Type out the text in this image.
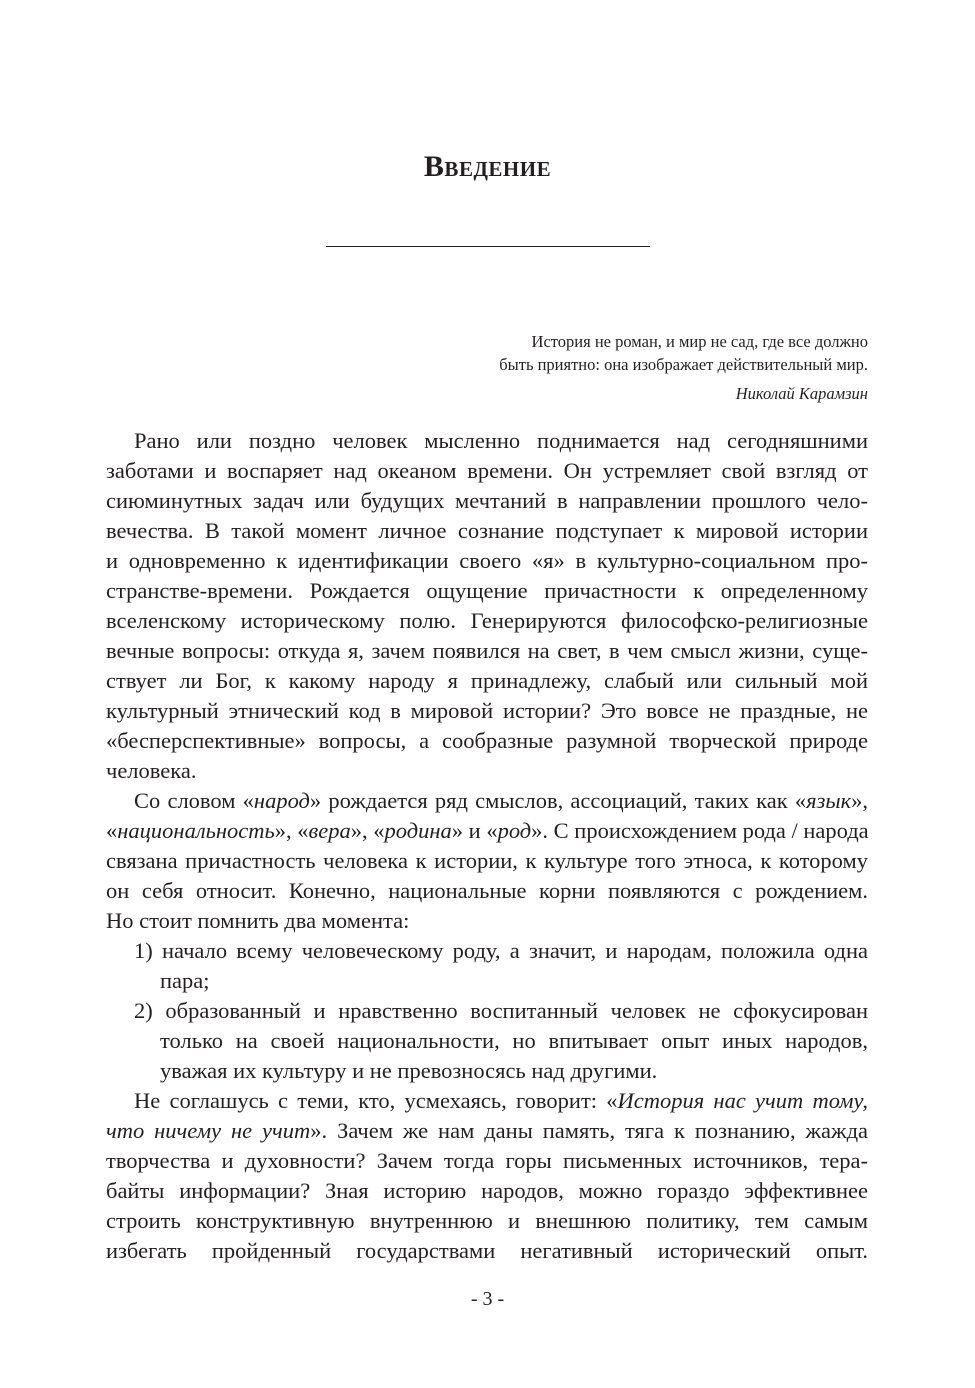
Введение
История не роман, и мир не сад, где все должно
быть приятно: она изображает действительный мир.
Николай Карамзин
Рано или поздно человек мысленно поднимается над сегодняшними
заботами и воспаряет над океаном времени. Он устремляет свой взгляд от
сиюминутных задач или будущих мечтаний в направлении прошлого чело-
вечества. В такой момент личное сознание подступает к мировой истории
и одновременно к идентификации своего «я» в культурно-социальном про-
странстве-времени. Рождается ощущение причастности к определенному
вселенскому историческому полю. Генерируются философско-религиозные
вечные вопросы: откуда я, зачем появился на свет, в чем смысл жизни, суще-
ствует ли Бог, к какому народу я принадлежу, слабый или сильный мой
культурный этнический код в мировой истории? Это вовсе не праздные, не
«бесперспективные» вопросы, а сообразные разумной творческой природе
человека.
Со словом «народ» рождается ряд смыслов, ассоциаций, таких как «язык»,
«национальность», «вера», «родина» и «род». С происхождением рода / народа
связана причастность человека к истории, к культуре того этноса, к которому
он себя относит. Конечно, национальные корни появляются с рождением.
Но стоит помнить два момента:
1) начало всему человеческому роду, а значит, и народам, положила одна
пара;
2) образованный и нравственно воспитанный человек не сфокусирован
только на своей национальности, но впитывает опыт иных народов,
уважая их культуру и не превозносясь над другими.
Не соглашусь с теми, кто, усмехаясь, говорит: «История нас учит тому,
что ничему не учит». Зачем же нам даны память, тяга к познанию, жажда
творчества и духовности? Зачем тогда горы письменных источников, тера-
байты информации? Зная историю народов, можно гораздо эффективнее
строить конструктивную внутреннюю и внешнюю политику, тем самым
избегать пройденный государствами негативный исторический опыт.
- 3 -
